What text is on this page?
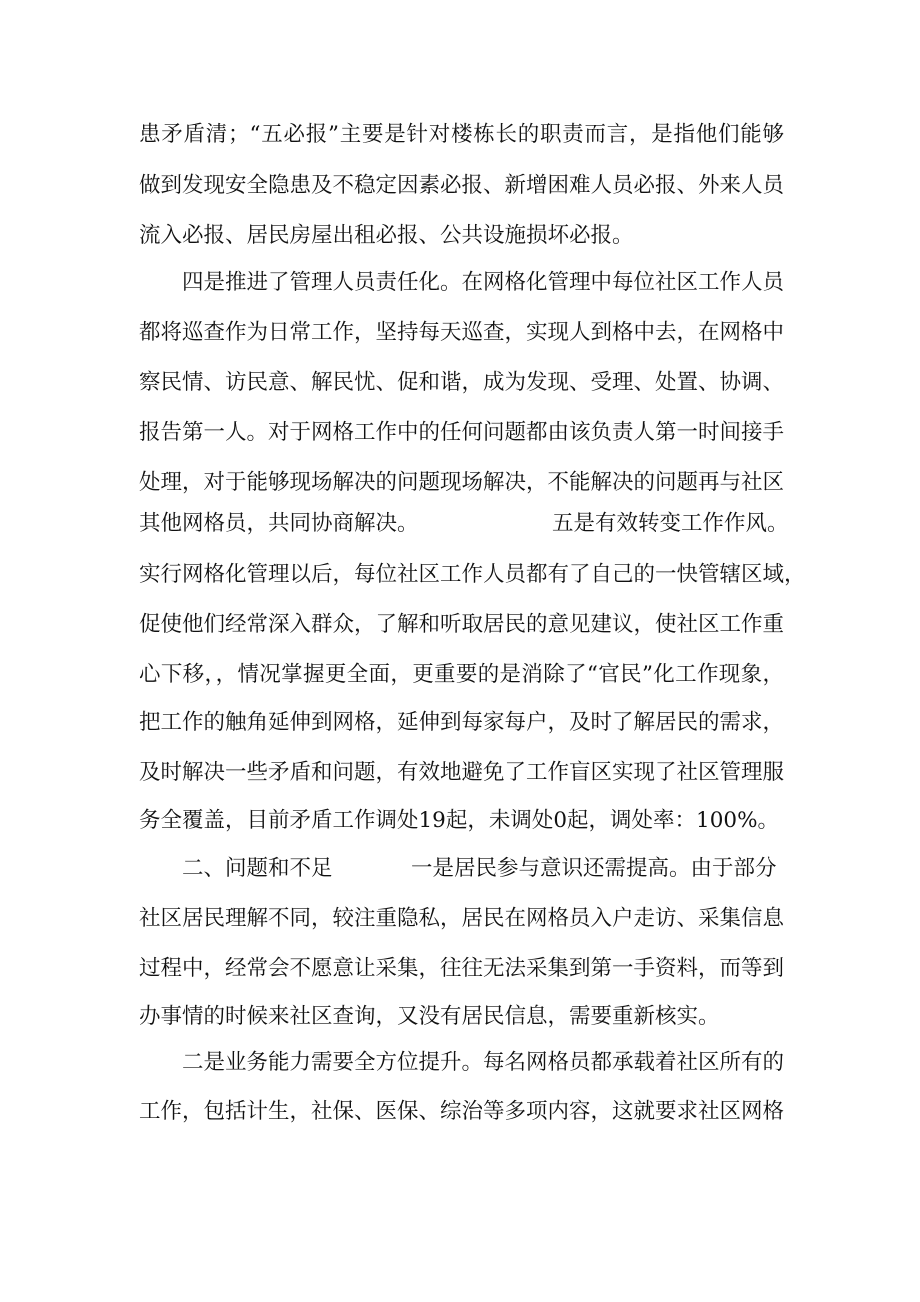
患矛盾清；“五必报”主要是针对楼栋长的职责而言，是指他们能够
做到发现安全隐患及不稳定因素必报、新增困难人员必报、外来人员
流入必报、居民房屋出租必报、公共设施损坏必报。
四是推进了管理人员责任化。在网格化管理中每位社区工作人员
都将巡查作为日常工作，坚持每天巡查，实现人到格中去，在网格中
察民情、访民意、解民忧、促和谐，成为发现、受理、处置、协调、
报告第一人。对于网格工作中的任何问题都由该负责人第一时间接手
处理，对于能够现场解决的问题现场解决，不能解决的问题再与社区
其他网格员，共同协商解决。	五是有效转变工作作风。
实行网格化管理以后，每位社区工作人员都有了自己的一快管辖区域，
促使他们经常深入群众，了解和听取居民的意见建议，使社区工作重
心下移，，情况掌握更全面，更重要的是消除了“官民”化工作现象，
把工作的触角延伸到网格，延伸到每家每户，及时了解居民的需求，
及时解决一些矛盾和问题，有效地避免了工作盲区实现了社区管理服
务全覆盖，目前矛盾工作调处19起，未调处0起，调处率：100%。
二、问题和不足	一是居民参与意识还需提高。由于部分
社区居民理解不同，较注重隐私，居民在网格员入户走访、采集信息
过程中，经常会不愿意让采集，往往无法采集到第一手资料，而等到
办事情的时候来社区查询，又没有居民信息，需要重新核实。
二是业务能力需要全方位提升。每名网格员都承载着社区所有的
工作，包括计生，社保、医保、综治等多项内容，这就要求社区网格
